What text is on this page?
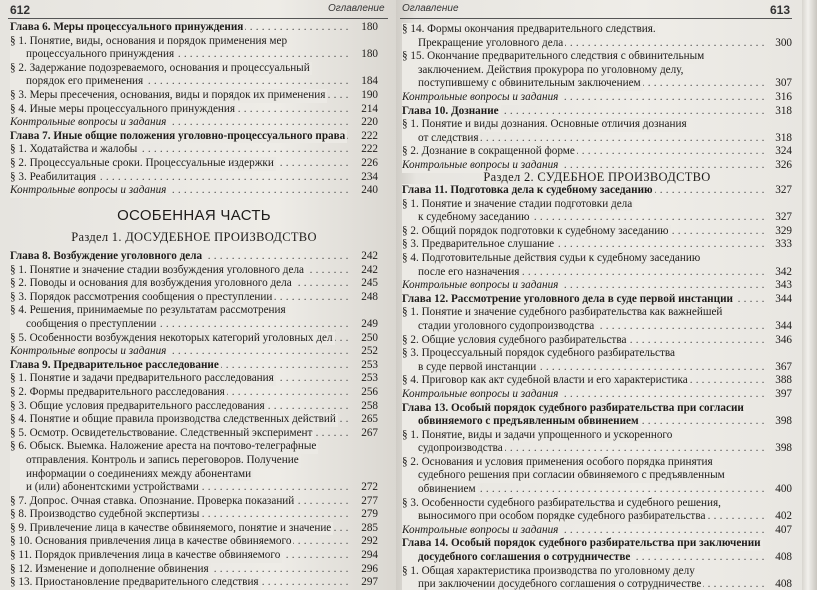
612	Оглавление
. . . Глава 6. Меры процессуального принуждения	180
§ 1. Понятие, виды, основания и порядок применения мер
. . . процессуального принуждения	180
§ 2. Задержание подозреваемого, основания и процессуальный
. . . порядок его применения	184
. . . § 3. Меры пресечения, основания, виды и порядок их применения	190
. . . § 4. Иные меры процессуального принуждения	214
. . . Контрольные вопросы и задания	220
. . . Глава 7. Иные общие положения уголовно-процессуального права	222
. . . § 1. Ходатайства и жалобы	222
. . . § 2. Процессуальные сроки. Процессуальные издержки	226
. . . § 3. Реабилитация	234
. . . Контрольные вопросы и задания	240
ОСОБЕННАЯ ЧАСТЬ
Раздел 1. ДОСУДЕБНОЕ ПРОИЗВОДСТВО
. . . Глава 8. Возбуждение уголовного дела	242
. . . § 1. Понятие и значение стадии возбуждения уголовного дела	242
. . . § 2. Поводы и основания для возбуждения уголовного дела	245
. . . § 3. Порядок рассмотрения сообщения о преступлении	248
§ 4. Решения, принимаемые по результатам рассмотрения
. . . сообщения о преступлении	249
. . . § 5. Особенности возбуждения некоторых категорий уголовных дел	250
. . . Контрольные вопросы и задания	252
. . . Глава 9. Предварительное расследование	253
. . . § 1. Понятие и задачи предварительного расследования	253
. . . § 2. Формы предварительного расследования	256
. . . § 3. Общие условия предварительного расследования	258
. . . § 4. Понятие и общие правила производства следственных действий	265
. . . § 5. Осмотр. Освидетельствование. Следственный эксперимент	267
§ 6. Обыск. Выемка. Наложение ареста на почтово-телеграфные
отправления. Контроль и запись переговоров. Получение
информации о соединениях между абонентами
. . . и (или) абонентскими устройствами	272
. . . § 7. Допрос. Очная ставка. Опознание. Проверка показаний	277
. . . § 8. Производство судебной экспертизы	279
. . . § 9. Привлечение лица в качестве обвиняемого, понятие и значение	285
. . . § 10. Основания привлечения лица в качестве обвиняемого	292
. . . § 11. Порядок привлечения лица в качестве обвиняемого	294
. . . § 12. Изменение и дополнение обвинения	296
. . . § 13. Приостановление предварительного следствия	297
Оглавление	613
§ 14. Формы окончания предварительного следствия.
. . . Прекращение уголовного дела	300
§ 15. Окончание предварительного следствия с обвинительным
заключением. Действия прокурора по уголовному делу,
. . . поступившему с обвинительным заключением	307
. . . Контрольные вопросы и задания	316
. . . Глава 10. Дознание	318
§ 1. Понятие и виды дознания. Основные отличия дознания
. . . от следствия	318
. . . § 2. Дознание в сокращенной форме	324
. . . Контрольные вопросы и задания	326
Раздел 2. СУДЕБНОЕ ПРОИЗВОДСТВО
. . . Глава 11. Подготовка дела к судебному заседанию	327
§ 1. Понятие и значение стадии подготовки дела
. . . к судебному заседанию	327
. . . § 2. Общий порядок подготовки к судебному заседанию	329
. . . § 3. Предварительное слушание	333
§ 4. Подготовительные действия судьи к судебному заседанию
. . . после его назначения	342
. . . Контрольные вопросы и задания	343
. . . Глава 12. Рассмотрение уголовного дела в суде первой инстанции	344
§ 1. Понятие и значение судебного разбирательства как важнейшей
. . . стадии уголовного судопроизводства	344
. . . § 2. Общие условия судебного разбирательства	346
§ 3. Процессуальный порядок судебного разбирательства
. . . в суде первой инстанции	367
. . . § 4. Приговор как акт судебной власти и его характеристика	388
. . . Контрольные вопросы и задания	397
Глава 13. Особый порядок судебного разбирательства при согласии
. . . обвиняемого с предъявленным обвинением	398
§ 1. Понятие, виды и задачи упрощенного и ускоренного
. . . судопроизводства	398
§ 2. Основания и условия применения особого порядка принятия
судебного решения при согласии обвиняемого с предъявленным
. . . обвинением	400
§ 3. Особенности судебного разбирательства и судебного решения,
. . . выносимого при особом порядке судебного разбирательства	402
. . . Контрольные вопросы и задания	407
Глава 14. Особый порядок судебного разбирательства при заключении
. . . досудебного соглашения о сотрудничестве	408
§ 1. Общая характеристика производства по уголовному делу
. . . при заключении досудебного соглашения о сотрудничестве	408
